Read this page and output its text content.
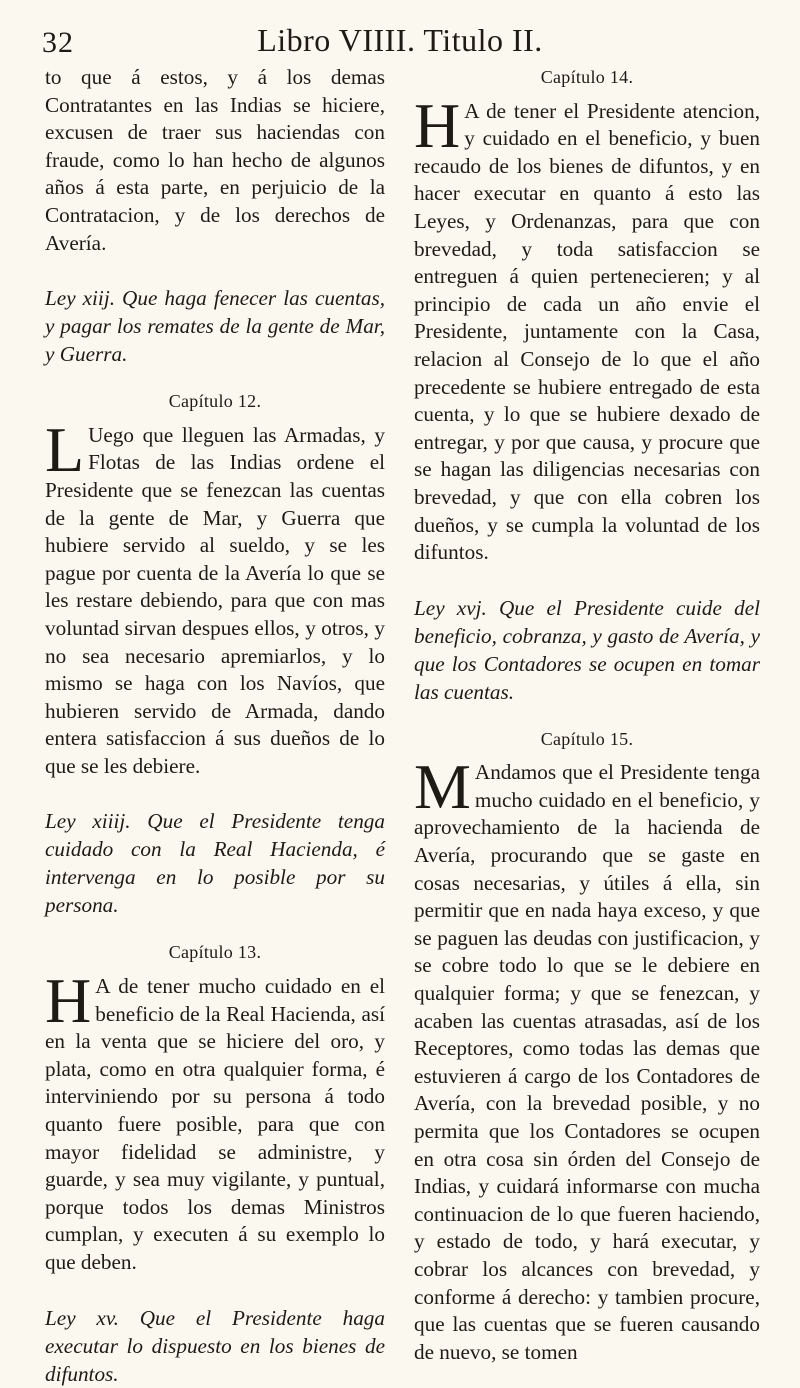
32	Libro VIIII. Titulo II.

to que á estos, y á los demas Contratantes en las Indias se hiciere, excusen de traer sus haciendas con fraude, como lo han hecho de algunos años á esta parte, en perjuicio de la Contratacion, y de los derechos de Avería.

Ley xiij. Que haga fenecer las cuentas, y pagar los remates de la gente de Mar, y Guerra.

Capítulo 12.
L Uego que lleguen las Armadas, y Flotas de las Indias ordene el Presidente que se fenezcan las cuentas de la gente de Mar, y Guerra que hubiere servido al sueldo, y se les pague por cuenta de la Avería lo que se les restare debiendo, para que con mas voluntad sirvan despues ellos, y otros, y no sea necesario apremiarlos, y lo mismo se haga con los Navíos, que hubieren servido de Armada, dando entera satisfaccion á sus dueños de lo que se les debiere.

Ley xiiij. Que el Presidente tenga cuidado con la Real Hacienda, é intervenga en lo posible por su persona.

Capítulo 13.
H A de tener mucho cuidado en el beneficio de la Real Hacienda, así en la venta que se hiciere del oro, y plata, como en otra qualquier forma, é interviniendo por su persona á todo quanto fuere posible, para que con mayor fidelidad se administre, y guarde, y sea muy vigilante, y puntual, porque todos los demas Ministros cumplan, y executen á su exemplo lo que deben.

Ley xv. Que el Presidente haga executar lo dispuesto en los bienes de difuntos.

Capítulo 14.
H A de tener el Presidente atencion, y cuidado en el beneficio, y buen recaudo de los bienes de difuntos, y en hacer executar en quanto á esto las Leyes, y Ordenanzas, para que con brevedad, y toda satisfaccion se entreguen á quien pertenecieren; y al principio de cada un año envie el Presidente, juntamente con la Casa, relacion al Consejo de lo que el año precedente se hubiere entregado de esta cuenta, y lo que se hubiere dexado de entregar, y por que causa, y procure que se hagan las diligencias necesarias con brevedad, y que con ella cobren los dueños, y se cumpla la voluntad de los difuntos.

Ley xvj. Que el Presidente cuide del beneficio, cobranza, y gasto de Avería, y que los Contadores se ocupen en tomar las cuentas.

Capítulo 15.
M Andamos que el Presidente tenga mucho cuidado en el beneficio, y aprovechamiento de la hacienda de Avería, procurando que se gaste en cosas necesarias, y útiles á ella, sin permitir que en nada haya exceso, y que se paguen las deudas con justificacion, y se cobre todo lo que se le debiere en qualquier forma; y que se fenezcan, y acaben las cuentas atrasadas, así de los Receptores, como todas las demas que estuvieren á cargo de los Contadores de Avería, con la brevedad posible, y no permita que los Contadores se ocupen en otra cosa sin órden del Consejo de Indias, y cuidará informarse con mucha continuacion de lo que fueren haciendo, y estado de todo, y hará executar, y cobrar los alcances con brevedad, y conforme á derecho: y tambien procure, que las cuentas que se fueren causando de nuevo, se tomen
